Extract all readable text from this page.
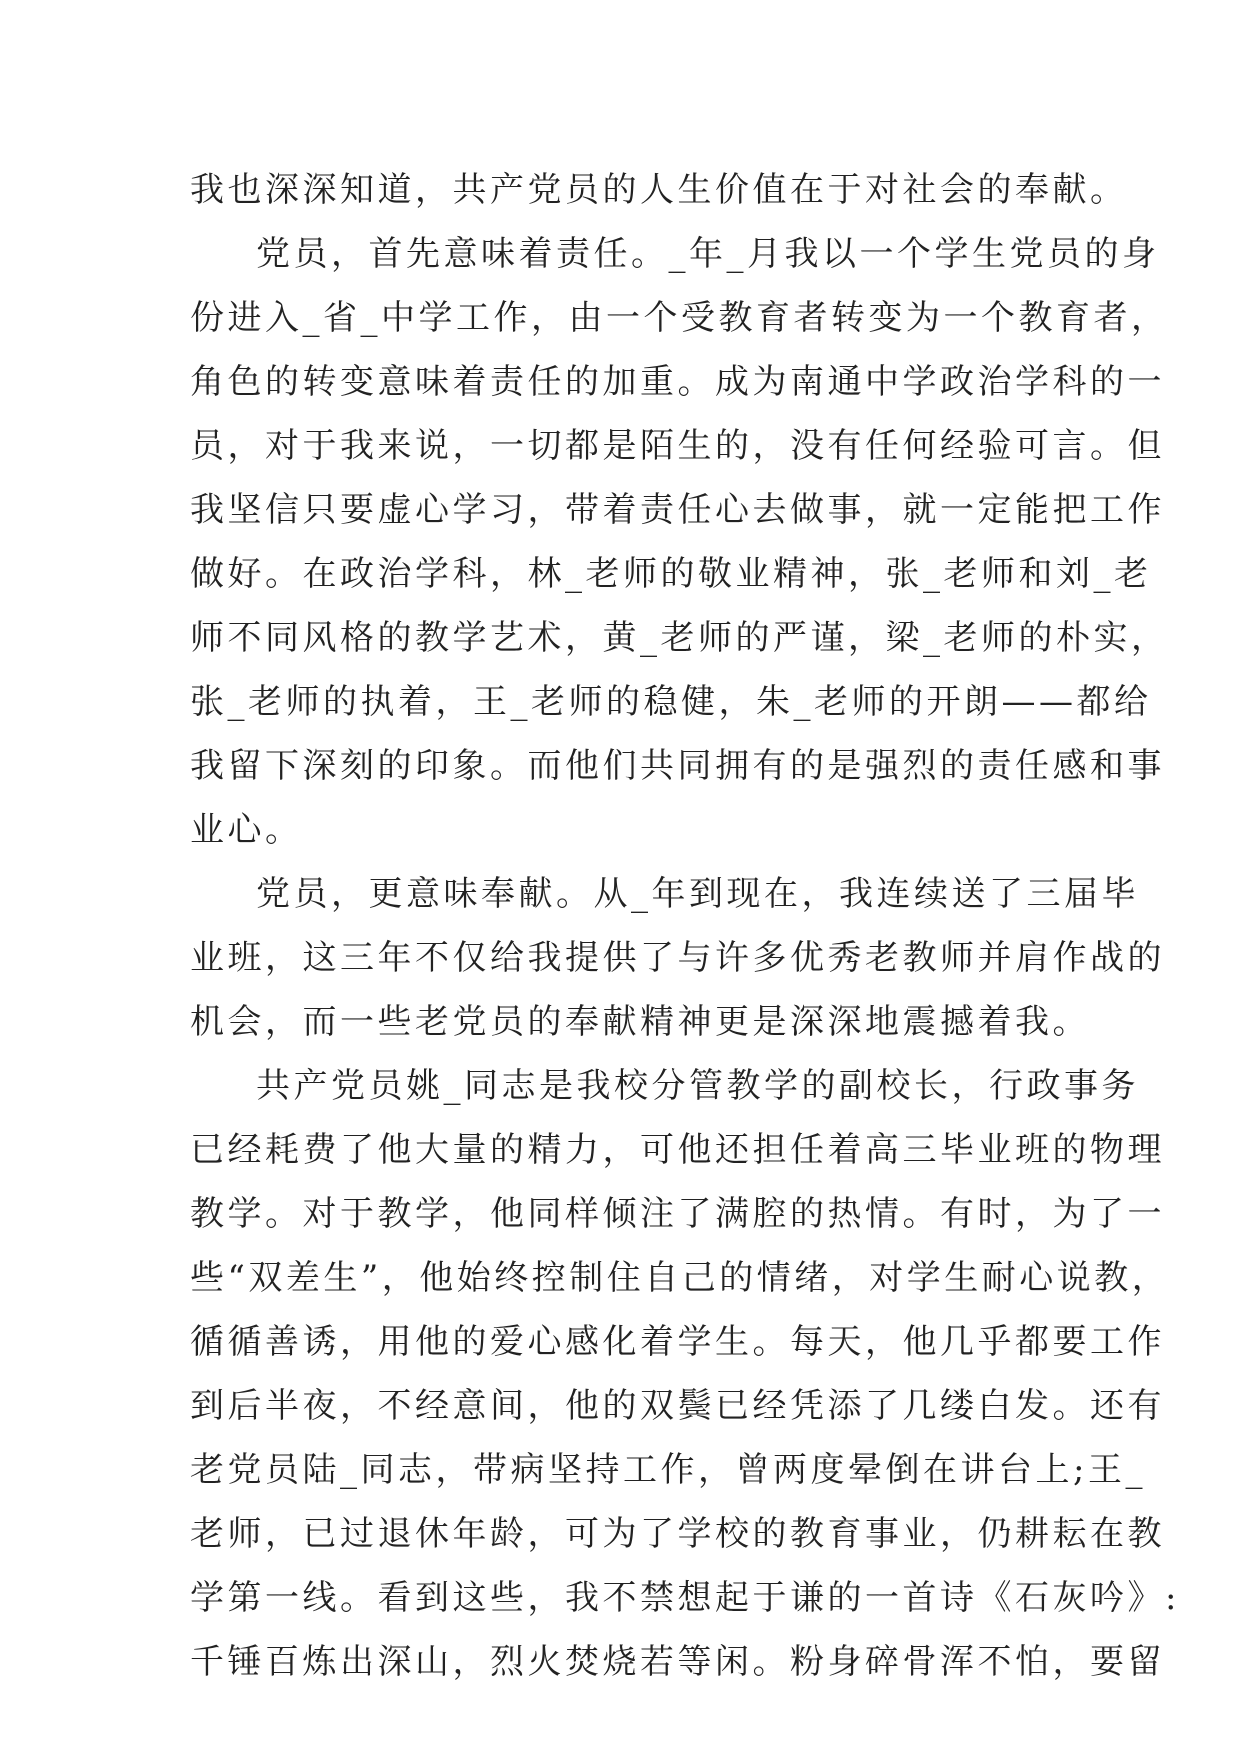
我也深深知道，共产党员的人生价值在于对社会的奉献。
党员，首先意味着责任。_年_月我以一个学生党员的身
份进入_省_中学工作，由一个受教育者转变为一个教育者，
角色的转变意味着责任的加重。成为南通中学政治学科的一
员，对于我来说，一切都是陌生的，没有任何经验可言。但
我坚信只要虚心学习，带着责任心去做事，就一定能把工作
做好。在政治学科，林_老师的敬业精神，张_老师和刘_老
师不同风格的教学艺术，黄_老师的严谨，梁_老师的朴实，
张_老师的执着，王_老师的稳健，朱_老师的开朗——都给
我留下深刻的印象。而他们共同拥有的是强烈的责任感和事
业心。
党员，更意味奉献。从_年到现在，我连续送了三届毕
业班，这三年不仅给我提供了与许多优秀老教师并肩作战的
机会，而一些老党员的奉献精神更是深深地震撼着我。
共产党员姚_同志是我校分管教学的副校长，行政事务
已经耗费了他大量的精力，可他还担任着高三毕业班的物理
教学。对于教学，他同样倾注了满腔的热情。有时，为了一
些“双差生”，他始终控制住自己的情绪，对学生耐心说教，
循循善诱，用他的爱心感化着学生。每天，他几乎都要工作
到后半夜，不经意间，他的双鬓已经凭添了几缕白发。还有
老党员陆_同志，带病坚持工作，曾两度晕倒在讲台上;王_
老师，已过退休年龄，可为了学校的教育事业，仍耕耘在教
学第一线。看到这些，我不禁想起于谦的一首诗《石灰吟》:
千锤百炼出深山，烈火焚烧若等闲。粉身碎骨浑不怕，要留
